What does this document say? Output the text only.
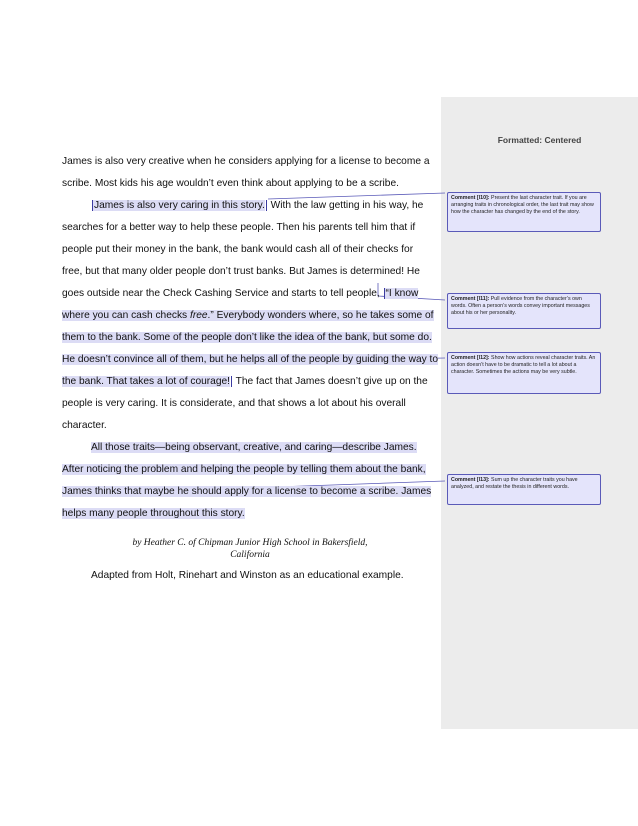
Formatted: Centered
James is also very creative when he considers applying for a license to become a
scribe. Most kids his age wouldn’t even think about applying to be a scribe.
James is also very caring in this story. With the law getting in his way, he
searches for a better way to help these people. Then his parents tell him that if
people put their money in the bank, the bank would cash all of their checks for
free, but that many older people don’t trust banks. But James is determined! He
goes outside near the Check Cashing Service and starts to tell people, “I know
where you can cash checks free.” Everybody wonders where, so he takes some of
them to the bank. Some of the people don’t like the idea of the bank, but some do.
He doesn’t convince all of them, but he helps all of the people by guiding the way to
the bank. That takes a lot of courage! The fact that James doesn’t give up on the
people is very caring. It is considerate, and that shows a lot about his overall
character.
All those traits—being observant, creative, and caring—describe James.
After noticing the problem and helping the people by telling them about the bank,
James thinks that maybe he should apply for a license to become a scribe. James
helps many people throughout this story.
Comment [l10]: Present the last character trait. If you are arranging traits in chronological order, the last trait may show how the character has changed by the end of the story.
Comment [l11]: Pull evidence from the character’s own words. Often a person’s words convey important messages about his or her personality.
Comment [l12]: Show how actions reveal character traits. An action doesn’t have to be dramatic to tell a lot about a character. Sometimes the actions may be very subtle.
Comment [l13]: Sum up the character traits you have analyzed, and restate the thesis in different words.
by Heather C. of Chipman Junior High School in Bakersfield,
California
Adapted from Holt, Rinehart and Winston as an educational example.
